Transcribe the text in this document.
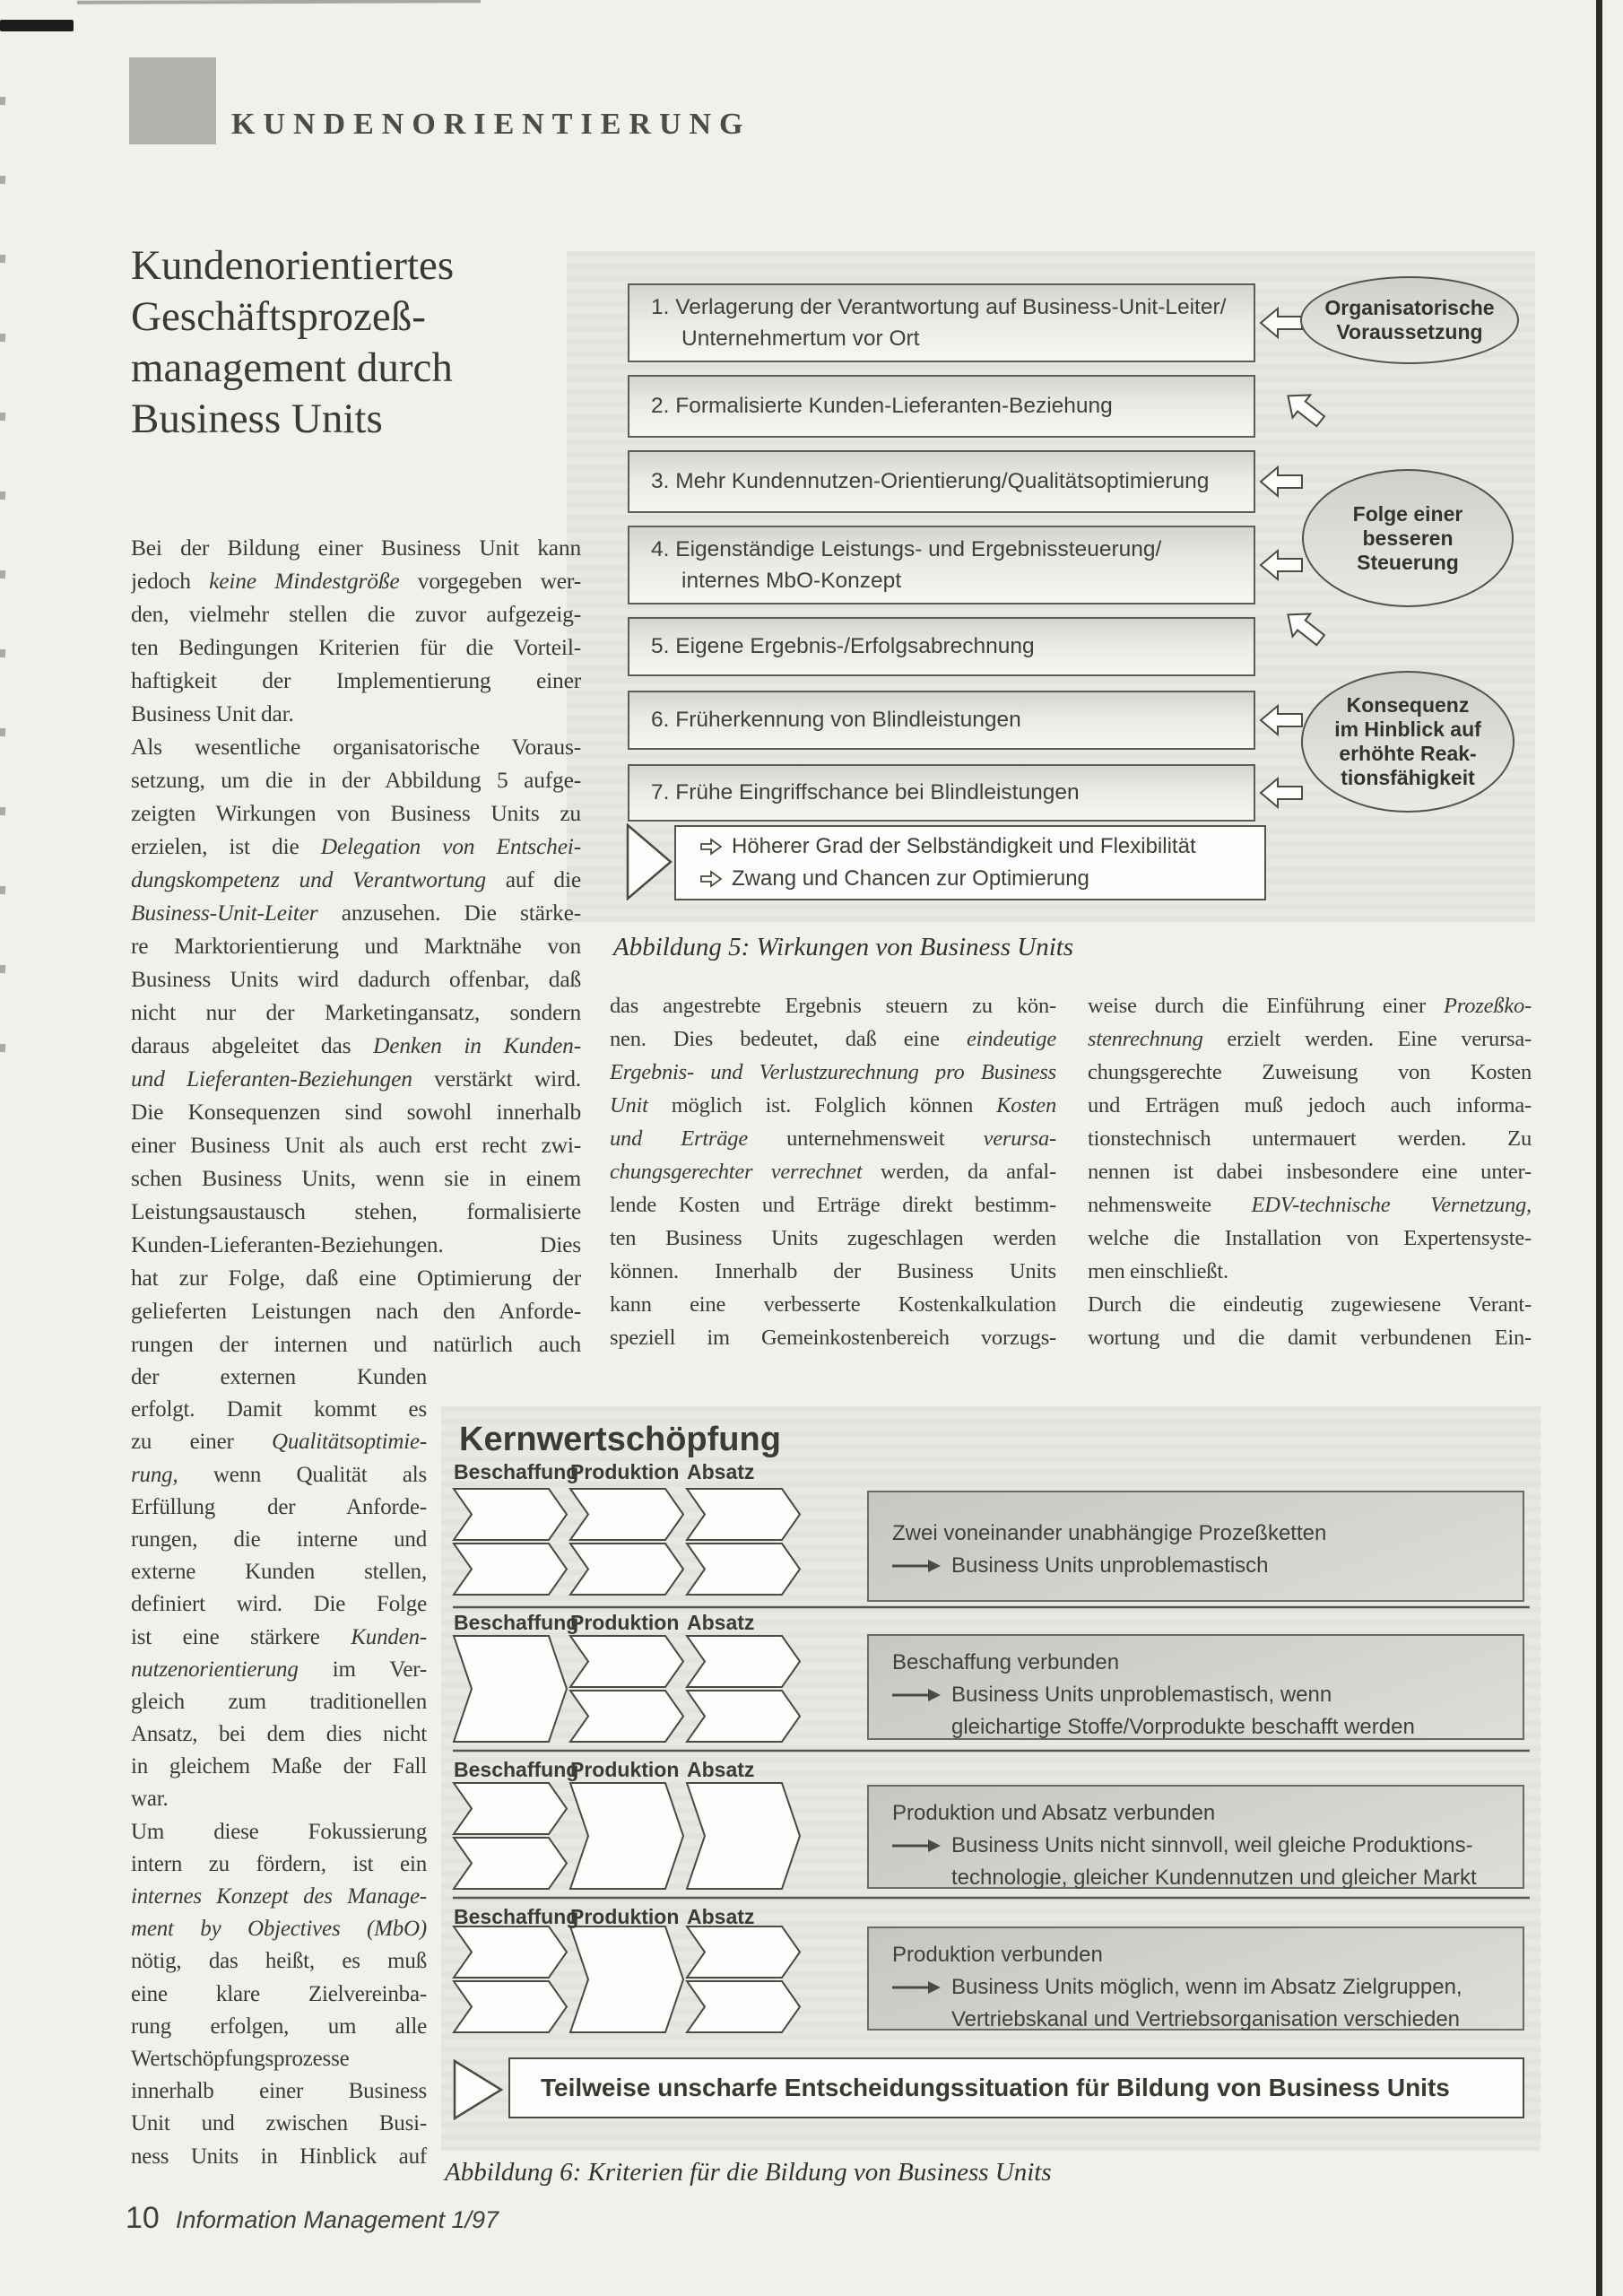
KUNDENORIENTIERUNG
Kundenorientiertes
Geschäftsprozeß-
management durch
Business Units
Abbildung 5: Wirkungen von Business Units
Bei der Bildung einer Business Unit kann
jedoch keine Mindestgröße vorgegeben wer-
den, vielmehr stellen die zuvor aufgezeig-
ten Bedingungen Kriterien für die Vorteil-
haftigkeit der Implementierung einer
Business Unit dar.
Als wesentliche organisatorische Voraus-
setzung, um die in der Abbildung 5 aufge-
zeigten Wirkungen von Business Units zu
erzielen, ist die Delegation von Entschei-
dungskompetenz und Verantwortung auf die
Business-Unit-Leiter anzusehen. Die stärke-
re Marktorientierung und Marktnähe von
Business Units wird dadurch offenbar, daß
nicht nur der Marketingansatz, sondern
daraus abgeleitet das Denken in Kunden-
und Lieferanten-Beziehungen verstärkt wird.
Die Konsequenzen sind sowohl innerhalb
einer Business Unit als auch erst recht zwi-
schen Business Units, wenn sie in einem
Leistungsaustausch stehen, formalisierte
Kunden-Lieferanten-Beziehungen. Dies
hat zur Folge, daß eine Optimierung der
gelieferten Leistungen nach den Anforde-
rungen der internen und natürlich auch
der externen Kunden
erfolgt. Damit kommt es
zu einer Qualitätsoptimie-
rung, wenn Qualität als
Erfüllung der Anforde-
rungen, die interne und
externe Kunden stellen,
definiert wird. Die Folge
ist eine stärkere Kunden-
nutzenorientierung im Ver-
gleich zum traditionellen
Ansatz, bei dem dies nicht
in gleichem Maße der Fall
war.
Um diese Fokussierung
intern zu fördern, ist ein
internes Konzept des Manage-
ment by Objectives (MbO)
nötig, das heißt, es muß
eine klare Zielvereinba-
rung erfolgen, um alle
Wertschöpfungsprozesse
innerhalb einer Business
Unit und zwischen Busi-
ness Units in Hinblick auf
das angestrebte Ergebnis steuern zu kön-
nen. Dies bedeutet, daß eine eindeutige
Ergebnis- und Verlustzurechnung pro Business
Unit möglich ist. Folglich können Kosten
und Erträge unternehmensweit verursa-
chungsgerechter verrechnet werden, da anfal-
lende Kosten und Erträge direkt bestimm-
ten Business Units zugeschlagen werden
können. Innerhalb der Business Units
kann eine verbesserte Kostenkalkulation
speziell im Gemeinkostenbereich vorzugs-
weise durch die Einführung einer Prozeßko-
stenrechnung erzielt werden. Eine verursa-
chungsgerechte Zuweisung von Kosten
und Erträgen muß jedoch auch informa-
tionstechnisch untermauert werden. Zu
nennen ist dabei insbesondere eine unter-
nehmensweite EDV-technische Vernetzung,
welche die Installation von Expertensyste-
men einschließt.
Durch die eindeutig zugewiesene Verant-
wortung und die damit verbundenen Ein-
Kernwertschöpfung
Teilweise unscharfe Entscheidungssituation für Bildung von Business Units
Abbildung 6: Kriterien für die Bildung von Business Units
10 Information Management 1/97
1. Verlagerung der Verantwortung auf Business-Unit-Leiter/
Unternehmertum vor Ort
2. Formalisierte Kunden-Lieferanten-Beziehung
3. Mehr Kundennutzen-Orientierung/Qualitätsoptimierung
4. Eigenständige Leistungs- und Ergebnissteuerung/
internes MbO-Konzept
5. Eigene Ergebnis-/Erfolgsabrechnung
6. Früherkennung von Blindleistungen
7. Frühe Eingriffschance bei Blindleistungen
Organisatorische
Voraussetzung
Folge einer
besseren
Steuerung
Konsequenz
im Hinblick auf
erhöhte Reak-
tionsfähigkeit
Höherer Grad der Selbständigkeit und Flexibilität
Zwang und Chancen zur Optimierung
Beschaffung
Produktion Absatz
Zwei voneinander unabhängige Prozeßketten
Business Units unproblemastisch
Beschaffung
Produktion Absatz
Beschaffung verbunden
Business Units unproblemastisch, wenn
gleichartige Stoffe/Vorprodukte beschafft werden
Beschaffung
Produktion Absatz
Produktion und Absatz verbunden
Business Units nicht sinnvoll, weil gleiche Produktions-
technologie, gleicher Kundennutzen und gleicher Markt
Beschaffung
Produktion Absatz
Produktion verbunden
Business Units möglich, wenn im Absatz Zielgruppen,
Vertriebskanal und Vertriebsorganisation verschieden
